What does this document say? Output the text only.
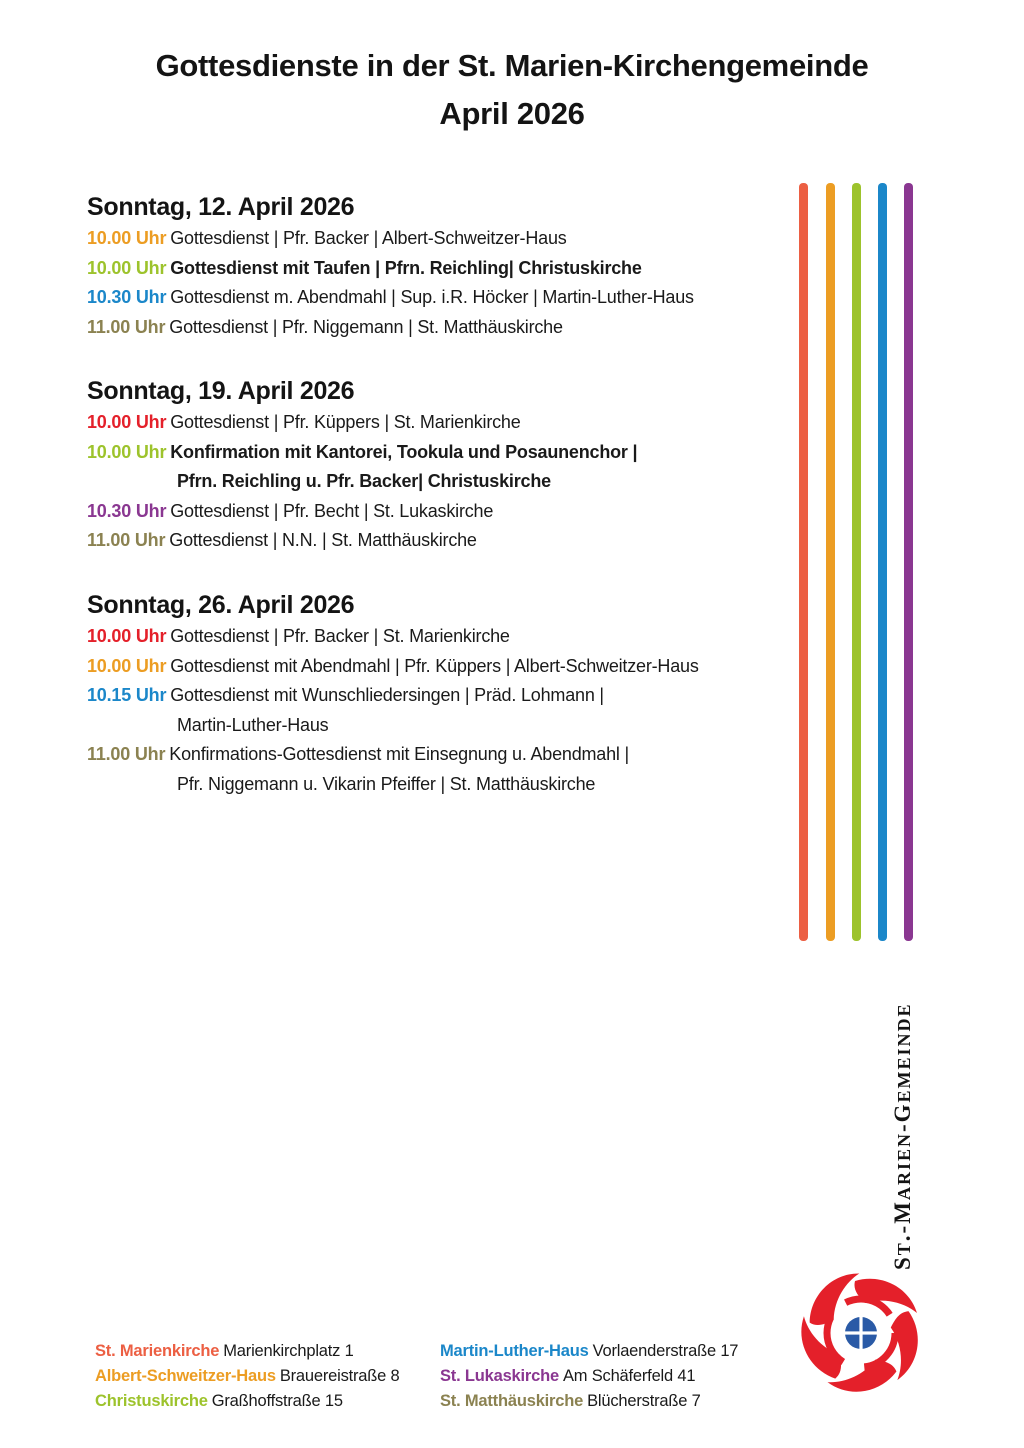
Gottesdienste in der St. Marien-Kirchengemeinde
April 2026
Sonntag, 12. April 2026
10.00 Uhr Gottesdienst | Pfr. Backer | Albert-Schweitzer-Haus
10.00 Uhr Gottesdienst mit Taufen | Pfrn. Reichling| Christuskirche
10.30 Uhr Gottesdienst m. Abendmahl | Sup. i.R. Höcker | Martin-Luther-Haus
11.00 Uhr Gottesdienst | Pfr. Niggemann | St. Matthäuskirche
Sonntag, 19. April 2026
10.00 Uhr Gottesdienst | Pfr. Küppers | St. Marienkirche
10.00 Uhr Konfirmation mit Kantorei, Tookula und Posaunenchor |
Pfrn. Reichling u. Pfr. Backer| Christuskirche
10.30 Uhr Gottesdienst | Pfr. Becht | St. Lukaskirche
11.00 Uhr Gottesdienst | N.N. | St. Matthäuskirche
Sonntag, 26. April 2026
10.00 Uhr Gottesdienst | Pfr. Backer | St. Marienkirche
10.00 Uhr Gottesdienst mit Abendmahl | Pfr. Küppers | Albert-Schweitzer-Haus
10.15 Uhr Gottesdienst mit Wunschliedersingen | Präd. Lohmann |
Martin-Luther-Haus
11.00 Uhr Konfirmations-Gottesdienst mit Einsegnung u. Abendmahl |
Pfr. Niggemann u. Vikarin Pfeiffer | St. Matthäuskirche
ST.-MARIEN-GEMEINDE
St. Marienkirche Marienkirchplatz 1
Albert-Schweitzer-Haus Brauereistraße 8
Christuskirche Graßhoffstraße 15
Martin-Luther-Haus Vorlaenderstraße 17
St. Lukaskirche Am Schäferfeld 41
St. Matthäuskirche Blücherstraße 7
